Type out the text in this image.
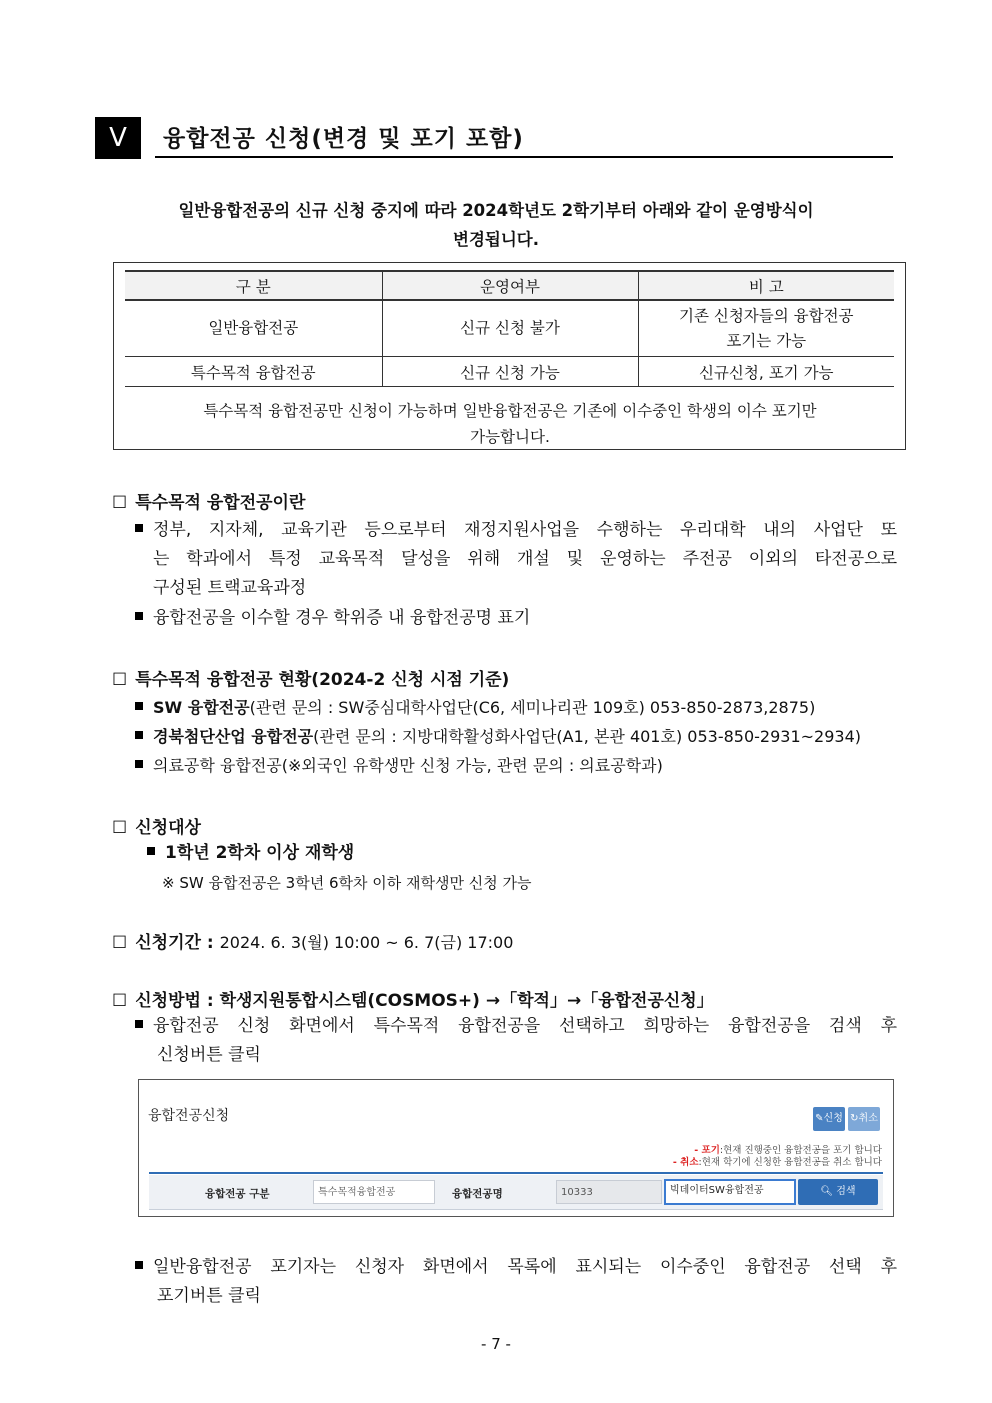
V	융합전공 신청(변경 및 포기 포함)
일반융합전공의 신규 신청 중지에 따라 2024학년도 2학기부터 아래와 같이 운영방식이
변경됩니다.
구 분	운영여부	비 고
일반융합전공	신규 신청 불가	기존 신청자들의 융합전공
포기는 가능

특수목적 융합전공	신규 신청 가능	신규신청, 포기 가능
특수목적 융합전공만 신청이 가능하며 일반융합전공은 기존에 이수중인 학생의 이수 포기만
가능합니다.
☐ 특수목적 융합전공이란
정부, 지자체, 교육기관 등으로부터 재정지원사업을 수행하는 우리대학 내의 사업단 또
는 학과에서 특정 교육목적 달성을 위해 개설 및 운영하는 주전공 이외의 타전공으로
구성된 트랙교육과정
융합전공을 이수할 경우 학위증 내 융합전공명 표기
☐ 특수목적 융합전공 현황(2024-2 신청 시점 기준)
SW 융합전공(관련 문의 : SW중심대학사업단(C6, 세미나리관 109호) 053-850-2873,2875)
경북첨단산업 융합전공(관련 문의 : 지방대학활성화사업단(A1, 본관 401호) 053-850-2931~2934)
의료공학 융합전공(※외국인 유학생만 신청 가능, 관련 문의 : 의료공학과)
☐ 신청대상
1학년 2학차 이상 재학생
※ SW 융합전공은 3학년 6학차 이하 재학생만 신청 가능
☐ 신청기간 : 2024. 6. 3(월) 10:00 ~ 6. 7(금) 17:00
☐ 신청방법 : 학생지원통합시스템(COSMOS+) →「학적」→「융합전공신청」
융합전공 신청 화면에서 특수목적 융합전공을 선택하고 희망하는 융합전공을 검색 후
신청버튼 클릭
융합전공신청	✎신청 ↻취소
- 포기:현재 진행중인 융합전공을 포기 합니다
- 취소:현재 학기에 신청한 융합전공을 취소 합니다
융합전공 구분	특수목적융합전공	융합전공명	10333	빅데이터SW융합전공	🔍︎ 검색
일반융합전공 포기자는 신청자 화면에서 목록에 표시되는 이수중인 융합전공 선택 후
포기버튼 클릭
- 7 -
